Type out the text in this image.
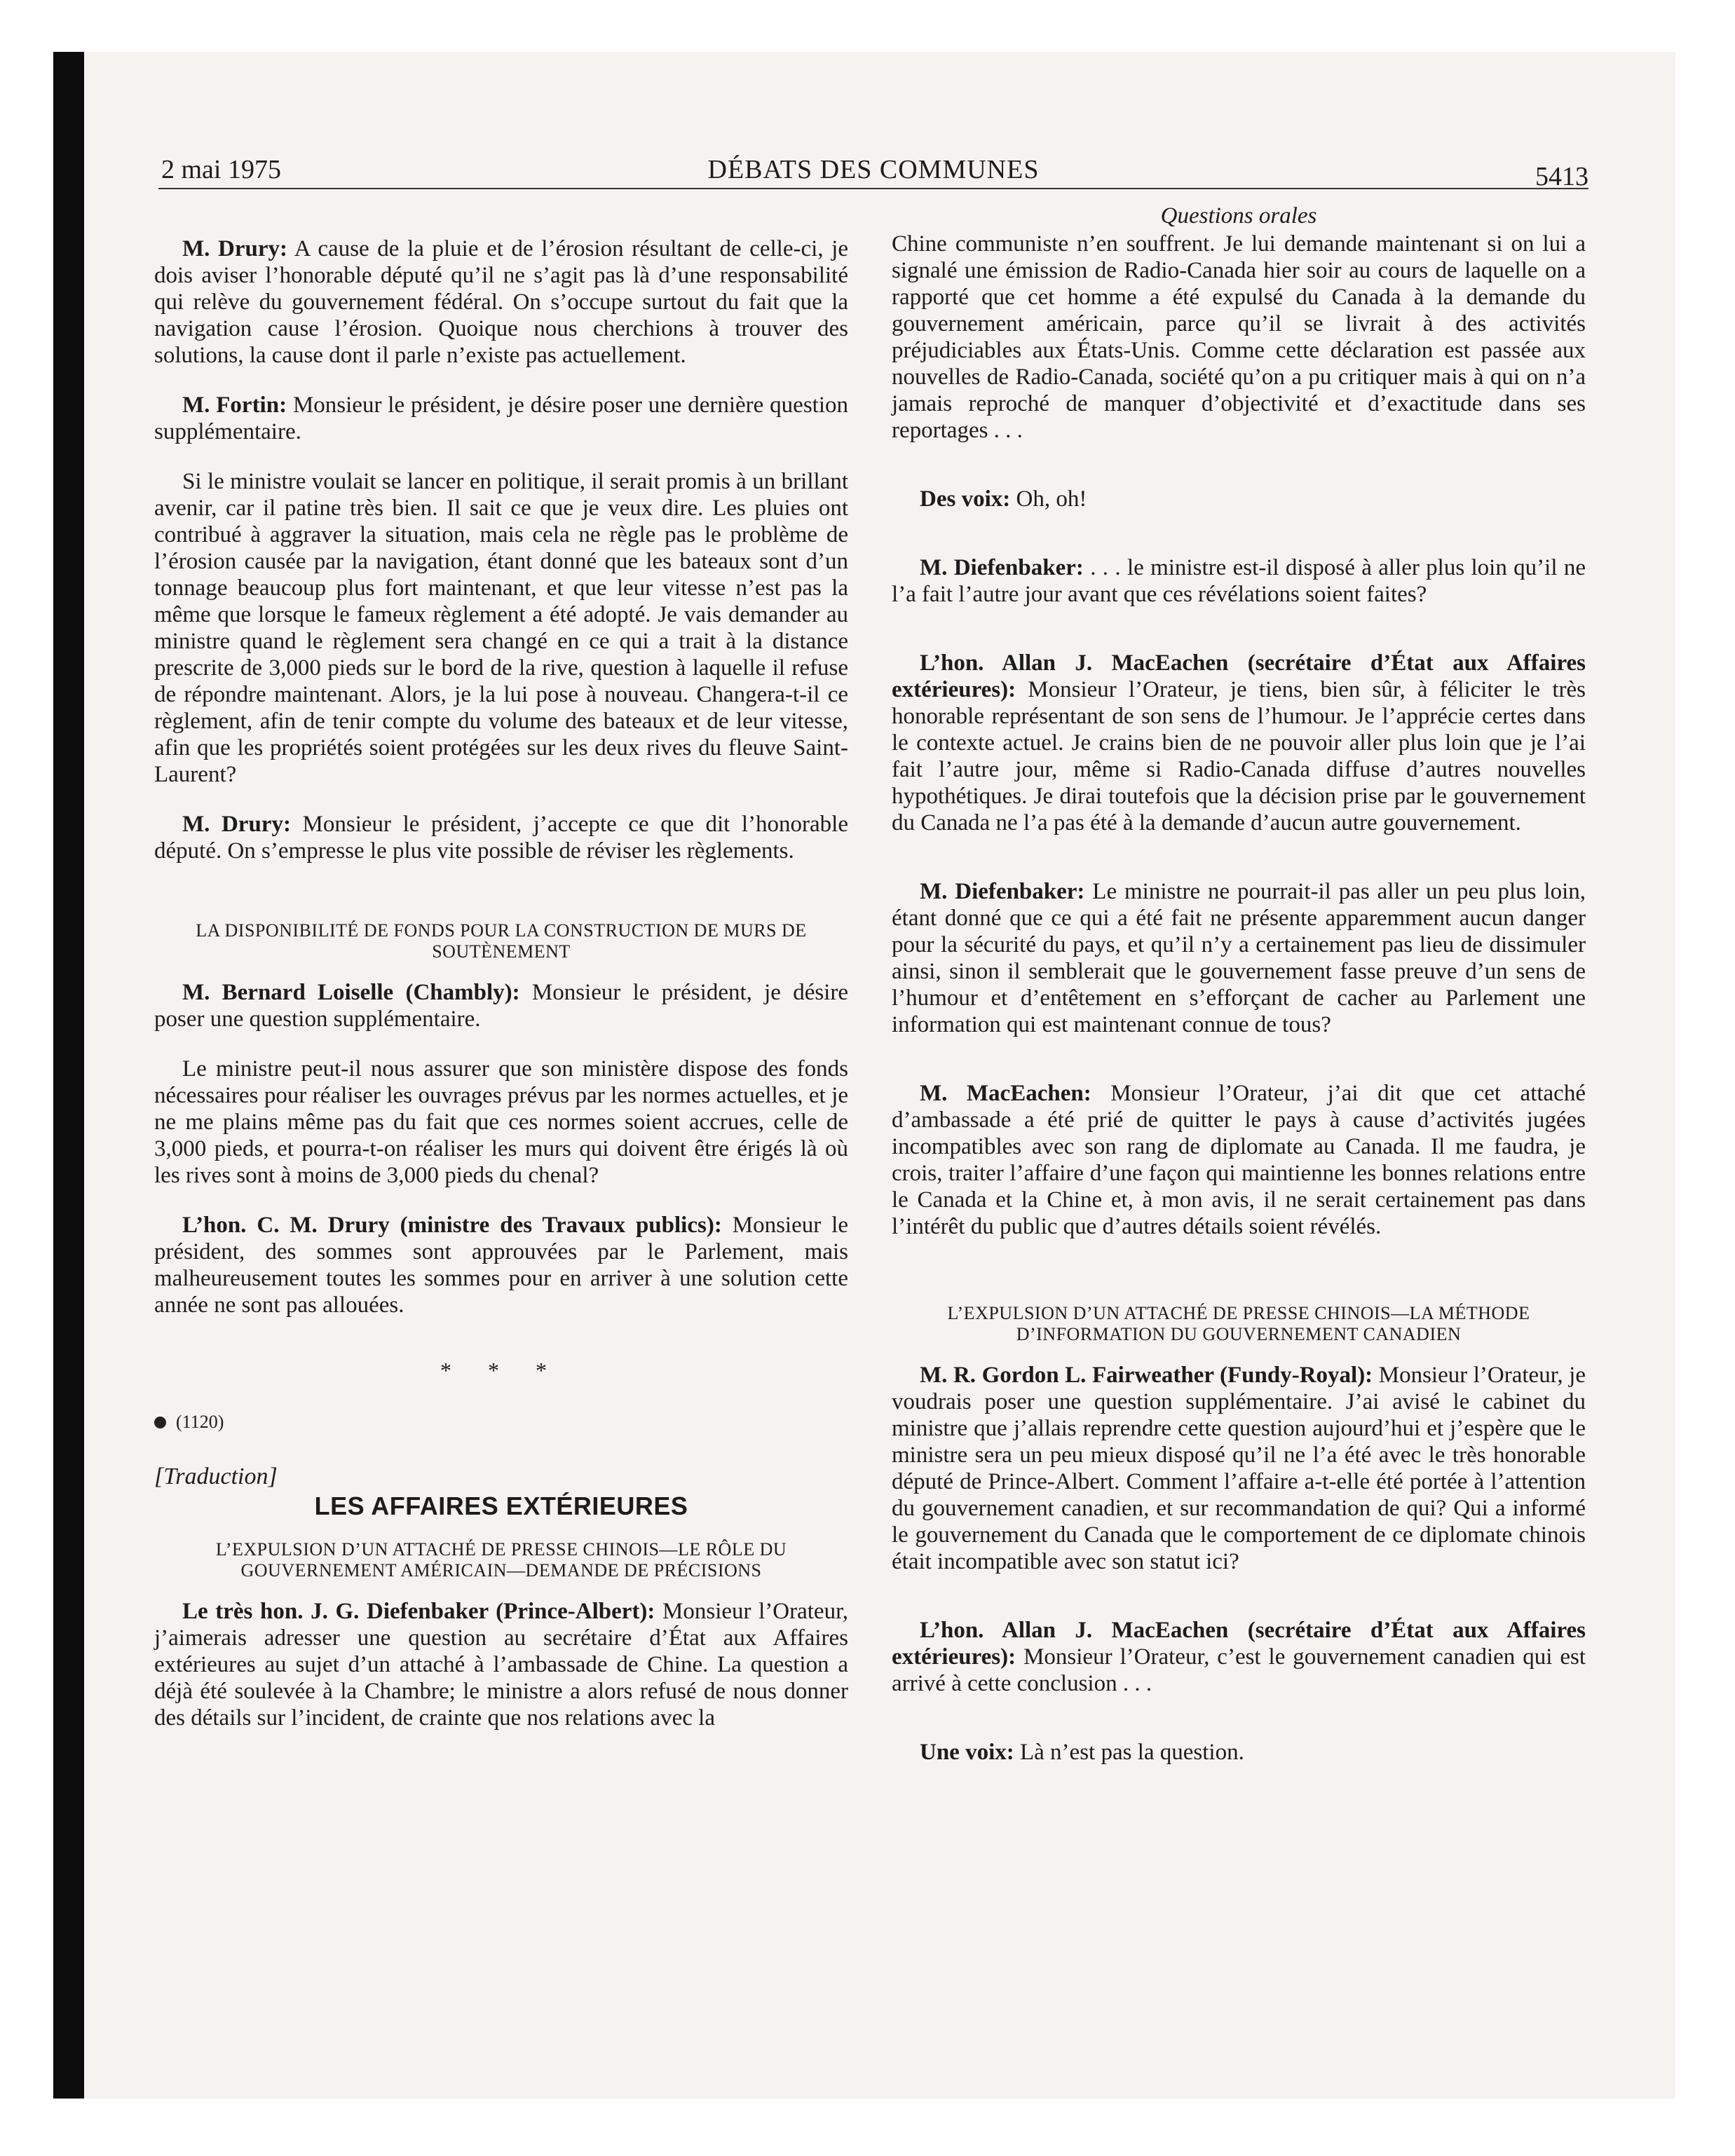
2 mai 1975	DÉBATS DES COMMUNES	5413

M. Drury: A cause de la pluie et de l’érosion résultant de celle-ci, je dois aviser l’honorable député qu’il ne s’agit pas là d’une responsabilité qui relève du gouvernement fédéral. On s’occupe surtout du fait que la navigation cause l’érosion. Quoique nous cherchions à trouver des solutions, la cause dont il parle n’existe pas actuellement.

M. Fortin: Monsieur le président, je désire poser une dernière question supplémentaire.

Si le ministre voulait se lancer en politique, il serait promis à un brillant avenir, car il patine très bien. Il sait ce que je veux dire. Les pluies ont contribué à aggraver la situation, mais cela ne règle pas le problème de l’érosion causée par la navigation, étant donné que les bateaux sont d’un tonnage beaucoup plus fort maintenant, et que leur vitesse n’est pas la même que lorsque le fameux règlement a été adopté. Je vais demander au ministre quand le règlement sera changé en ce qui a trait à la distance prescrite de 3,000 pieds sur le bord de la rive, question à laquelle il refuse de répondre maintenant. Alors, je la lui pose à nouveau. Changera-t-il ce règlement, afin de tenir compte du volume des bateaux et de leur vitesse, afin que les propriétés soient protégées sur les deux rives du fleuve Saint-Laurent?

M. Drury: Monsieur le président, j’accepte ce que dit l’honorable député. On s’empresse le plus vite possible de réviser les règlements.

LA DISPONIBILITÉ DE FONDS POUR LA CONSTRUCTION DE MURS DE SOUTÈNEMENT

M. Bernard Loiselle (Chambly): Monsieur le président, je désire poser une question supplémentaire.

Le ministre peut-il nous assurer que son ministère dispose des fonds nécessaires pour réaliser les ouvrages prévus par les normes actuelles, et je ne me plains même pas du fait que ces normes soient accrues, celle de 3,000 pieds, et pourra-t-on réaliser les murs qui doivent être érigés là où les rives sont à moins de 3,000 pieds du chenal?

L’hon. C. M. Drury (ministre des Travaux publics): Monsieur le président, des sommes sont approuvées par le Parlement, mais malheureusement toutes les sommes pour en arriver à une solution cette année ne sont pas allouées.

* * *
(1120)
[Traduction]
LES AFFAIRES EXTÉRIEURES
L’EXPULSION D’UN ATTACHÉ DE PRESSE CHINOIS—LE RÔLE DU GOUVERNEMENT AMÉRICAIN—DEMANDE DE PRÉCISIONS

Le très hon. J. G. Diefenbaker (Prince-Albert): Monsieur l’Orateur, j’aimerais adresser une question au secrétaire d’État aux Affaires extérieures au sujet d’un attaché à l’ambassade de Chine. La question a déjà été soulevée à la Chambre; le ministre a alors refusé de nous donner des détails sur l’incident, de crainte que nos relations avec la

Questions orales

Chine communiste n’en souffrent. Je lui demande maintenant si on lui a signalé une émission de Radio-Canada hier soir au cours de laquelle on a rapporté que cet homme a été expulsé du Canada à la demande du gouvernement américain, parce qu’il se livrait à des activités préjudiciables aux États-Unis. Comme cette déclaration est passée aux nouvelles de Radio-Canada, société qu’on a pu critiquer mais à qui on n’a jamais reproché de manquer d’objectivité et d’exactitude dans ses reportages . . .

Des voix: Oh, oh!

M. Diefenbaker: . . . le ministre est-il disposé à aller plus loin qu’il ne l’a fait l’autre jour avant que ces révélations soient faites?

L’hon. Allan J. MacEachen (secrétaire d’État aux Affaires extérieures): Monsieur l’Orateur, je tiens, bien sûr, à féliciter le très honorable représentant de son sens de l’humour. Je l’apprécie certes dans le contexte actuel. Je crains bien de ne pouvoir aller plus loin que je l’ai fait l’autre jour, même si Radio-Canada diffuse d’autres nouvelles hypothétiques. Je dirai toutefois que la décision prise par le gouvernement du Canada ne l’a pas été à la demande d’aucun autre gouvernement.

M. Diefenbaker: Le ministre ne pourrait-il pas aller un peu plus loin, étant donné que ce qui a été fait ne présente apparemment aucun danger pour la sécurité du pays, et qu’il n’y a certainement pas lieu de dissimuler ainsi, sinon il semblerait que le gouvernement fasse preuve d’un sens de l’humour et d’entêtement en s’efforçant de cacher au Parlement une information qui est maintenant connue de tous?

M. MacEachen: Monsieur l’Orateur, j’ai dit que cet attaché d’ambassade a été prié de quitter le pays à cause d’activités jugées incompatibles avec son rang de diplomate au Canada. Il me faudra, je crois, traiter l’affaire d’une façon qui maintienne les bonnes relations entre le Canada et la Chine et, à mon avis, il ne serait certainement pas dans l’intérêt du public que d’autres détails soient révélés.

L’EXPULSION D’UN ATTACHÉ DE PRESSE CHINOIS—LA MÉTHODE D’INFORMATION DU GOUVERNEMENT CANADIEN

M. R. Gordon L. Fairweather (Fundy-Royal): Monsieur l’Orateur, je voudrais poser une question supplémentaire. J’ai avisé le cabinet du ministre que j’allais reprendre cette question aujourd’hui et j’espère que le ministre sera un peu mieux disposé qu’il ne l’a été avec le très honorable député de Prince-Albert. Comment l’affaire a-t-elle été portée à l’attention du gouvernement canadien, et sur recommandation de qui? Qui a informé le gouvernement du Canada que le comportement de ce diplomate chinois était incompatible avec son statut ici?

L’hon. Allan J. MacEachen (secrétaire d’État aux Affaires extérieures): Monsieur l’Orateur, c’est le gouvernement canadien qui est arrivé à cette conclusion . . .

Une voix: Là n’est pas la question.
